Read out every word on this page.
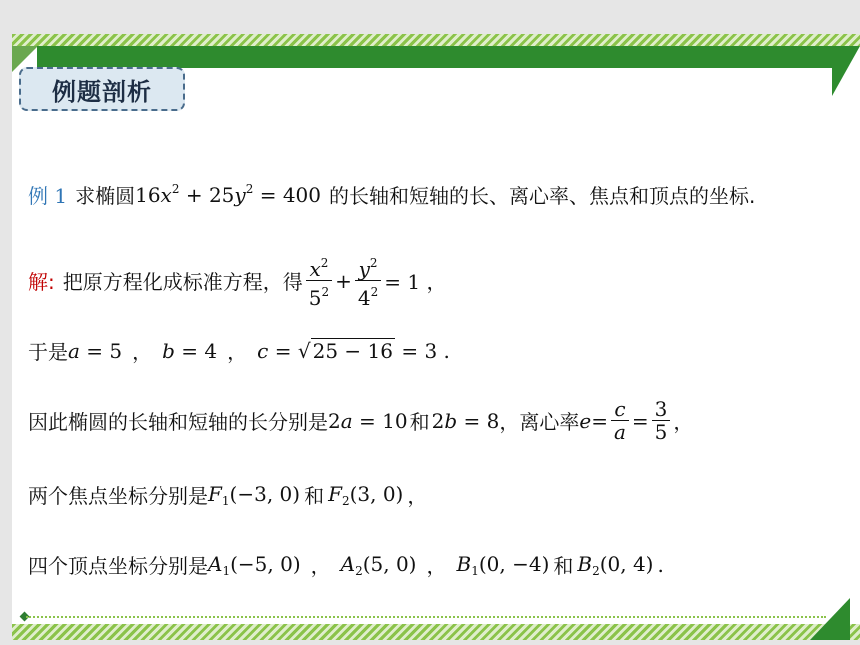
例题剖析
例 1 求椭圆 $16x^2 + 25y^2 = 400$ 的长轴和短轴的长、离心率、焦点和顶点的坐标.
解: 把原方程化成标准方程，得 $\frac{x^2}{5^2} + \frac{y^2}{4^2} = 1$ ，
于是 a = 5 ， b = 4 ， c = √ 25 − 16 = 3 .
因此椭圆的长轴和短轴的长分别是 2a = 10 和 2b = 8 ，离心率 $e = \frac{c}{a} = \frac{3}{5}$ ，
两个焦点坐标分别是 $F_1(-3$, 0) 和 $F_2(3$, 0) ，
四个顶点坐标分别是 $A_1(-5$, 0) ， $A_2(5$, 0) ， $B_1(0$, −4) 和 $B_2(0$, 4) .
